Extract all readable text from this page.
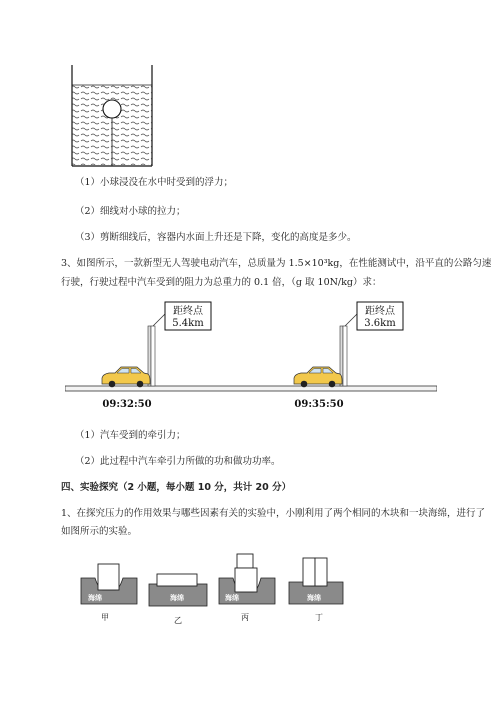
（1）小球浸没在水中时受到的浮力；
（2）细线对小球的拉力；
（3）剪断细线后，容器内水面上升还是下降，变化的高度是多少。
3、如图所示，一款新型无人驾驶电动汽车，总质量为 1.5×10³kg，在性能测试中，沿平直的公路匀速
行驶，行驶过程中汽车受到的阻力为总重力的 0.1 倍，（g 取 10N/kg）求：
距终点
5.4km
距终点
3.6km
09:32:50	09:35:50
（1）汽车受到的牵引力；
（2）此过程中汽车牵引力所做的功和做功功率。
四、实验探究（2 小题，每小题 10 分，共计 20 分）
1、在探究压力的作用效果与哪些因素有关的实验中，小刚利用了两个相同的木块和一块海绵，进行了
如图所示的实验。
海绵
甲
海绵
乙
海绵
丙
海绵
丁
